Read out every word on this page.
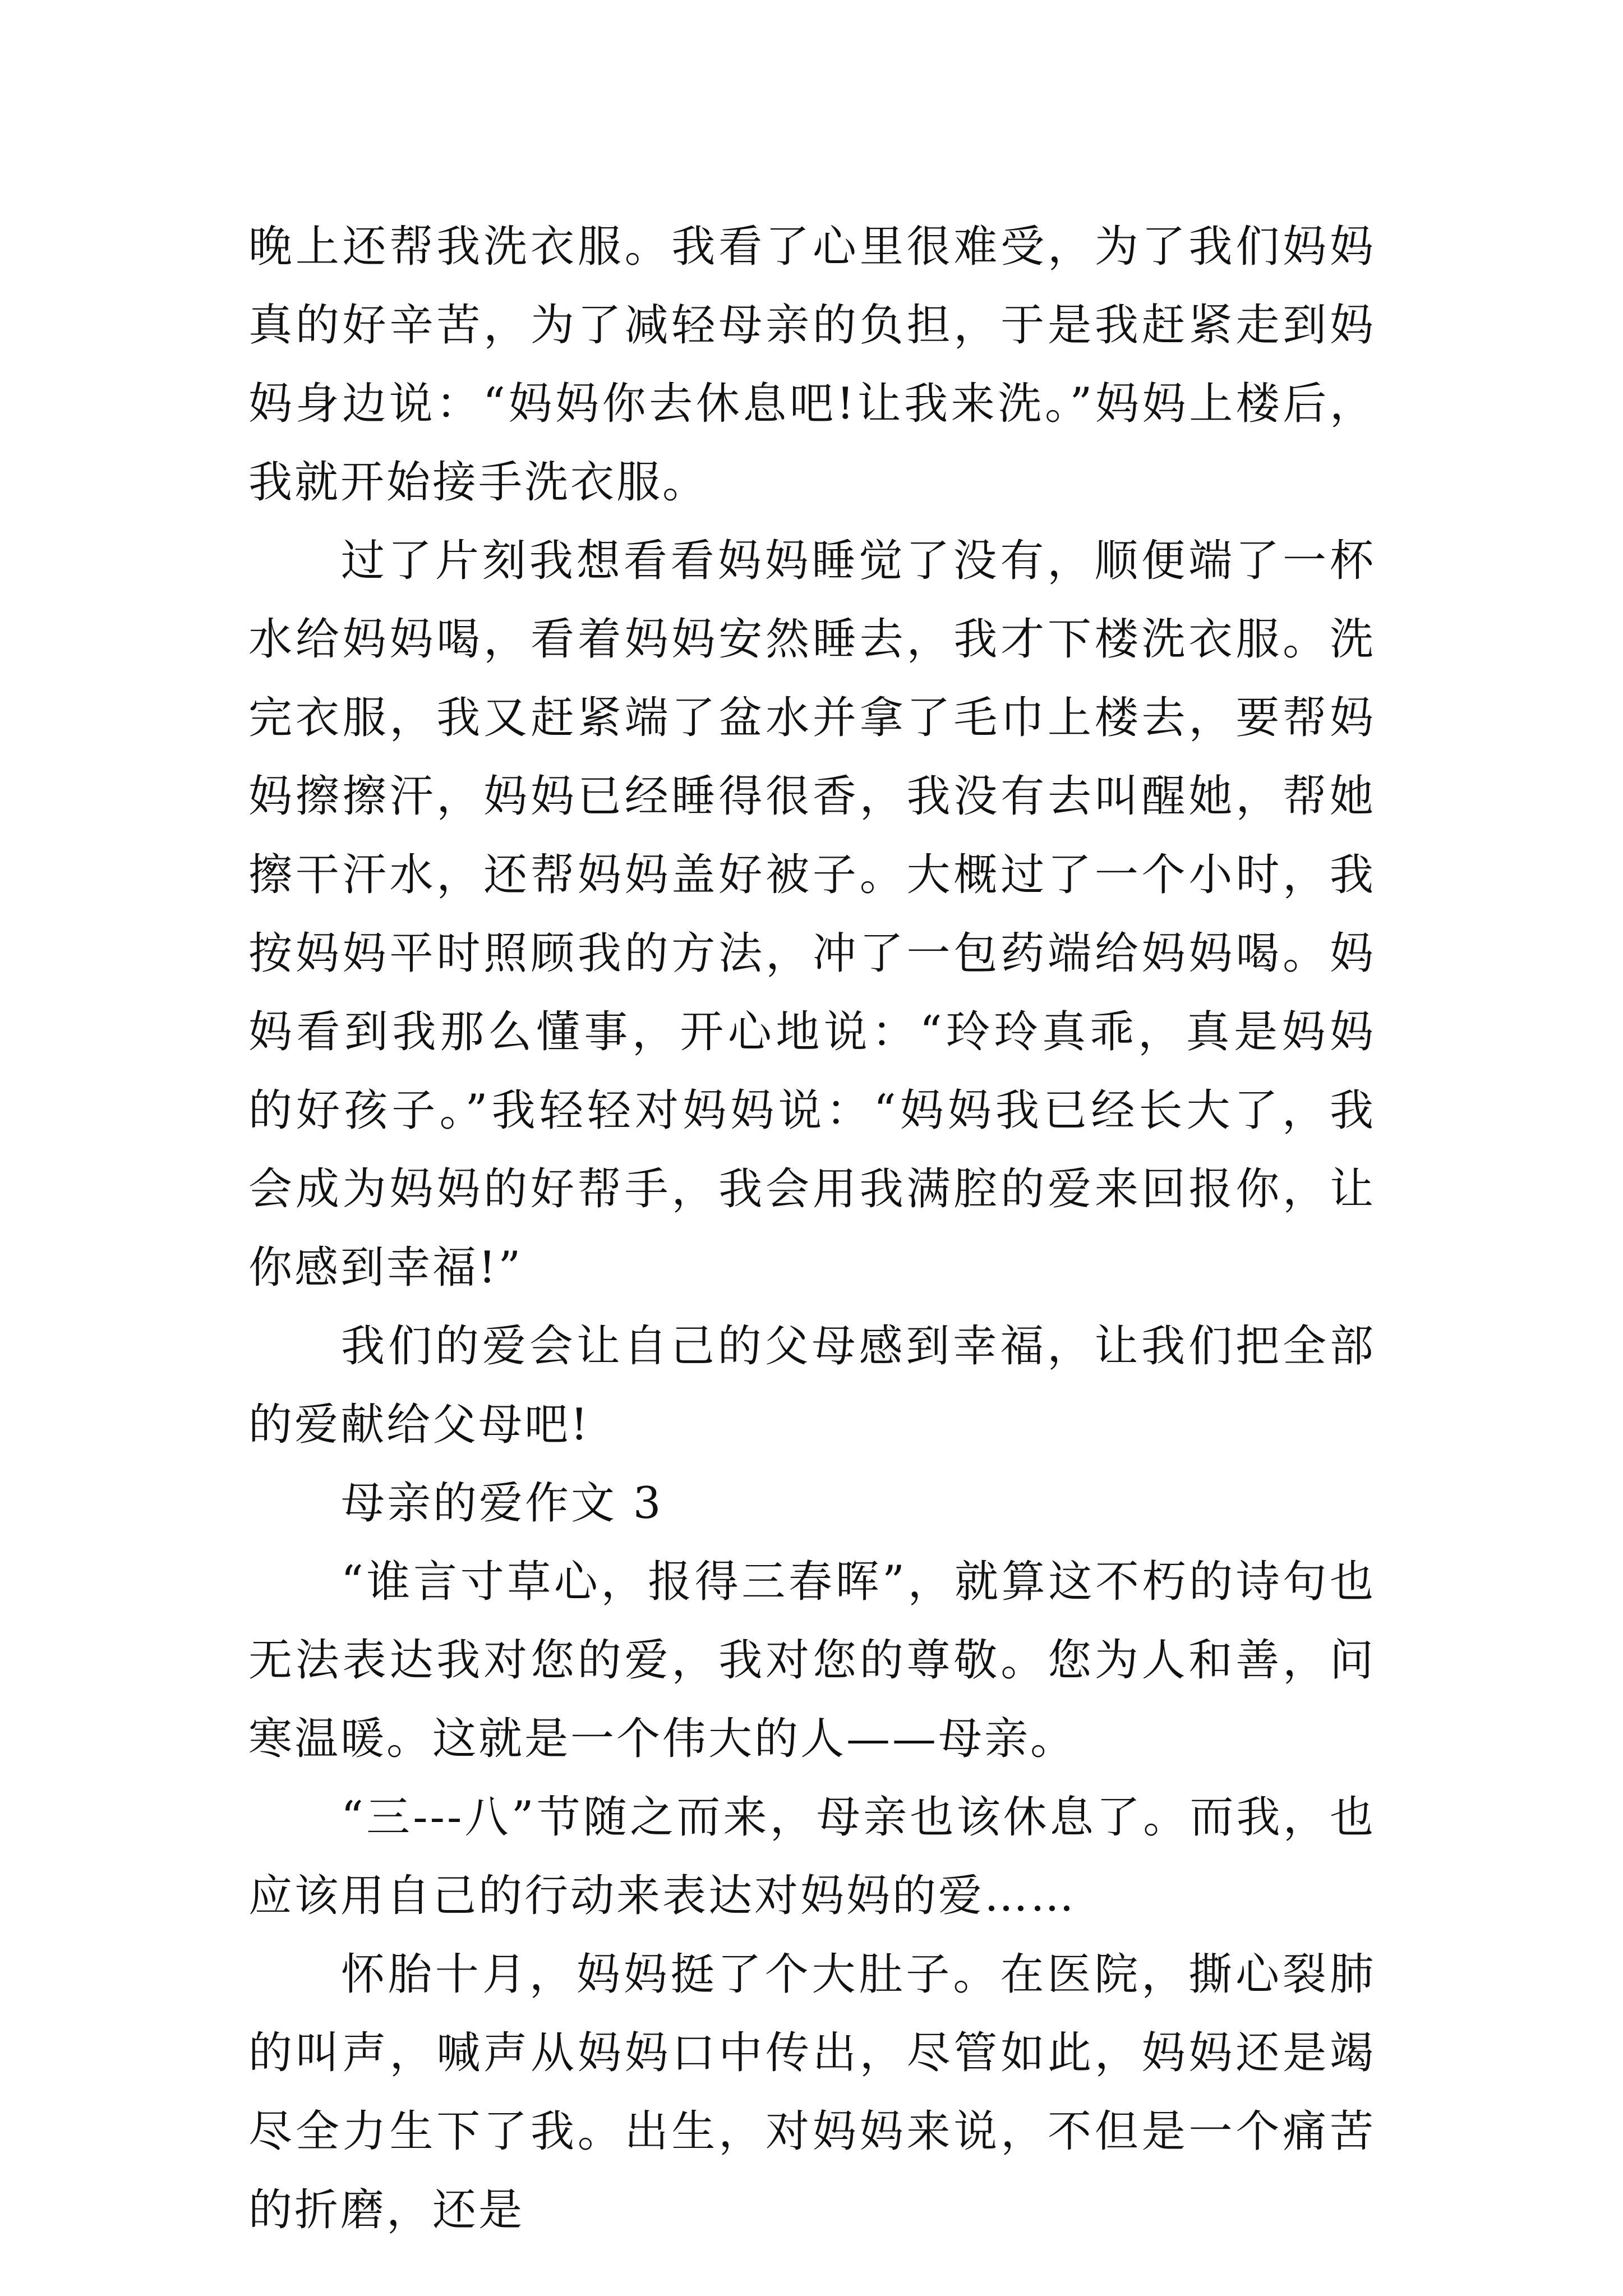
晚上还帮我洗衣服。我看了心里很难受，为了我们妈妈真的好辛苦，为了减轻母亲的负担，于是我赶紧走到妈妈身边说：“妈妈你去休息吧!让我来洗。”妈妈上楼后，我就开始接手洗衣服。

过了片刻我想看看妈妈睡觉了没有，顺便端了一杯水给妈妈喝，看着妈妈安然睡去，我才下楼洗衣服。洗完衣服，我又赶紧端了盆水并拿了毛巾上楼去，要帮妈妈擦擦汗，妈妈已经睡得很香，我没有去叫醒她，帮她擦干汗水，还帮妈妈盖好被子。大概过了一个小时，我按妈妈平时照顾我的方法，冲了一包药端给妈妈喝。妈妈看到我那么懂事，开心地说：“玲玲真乖，真是妈妈的好孩子。”我轻轻对妈妈说：“妈妈我已经长大了，我会成为妈妈的好帮手，我会用我满腔的爱来回报你，让你感到幸福!”

我们的爱会让自己的父母感到幸福，让我们把全部的爱献给父母吧!

母亲的爱作文 3

“谁言寸草心，报得三春晖”，就算这不朽的诗句也无法表达我对您的爱，我对您的尊敬。您为人和善，问寒温暖。这就是一个伟大的人——母亲。

“三---八”节随之而来，母亲也该休息了。而我，也应该用自己的行动来表达对妈妈的爱……

怀胎十月，妈妈挺了个大肚子。在医院，撕心裂肺的叫声，喊声从妈妈口中传出，尽管如此，妈妈还是竭尽全力生下了我。出生，对妈妈来说，不但是一个痛苦的折磨，还是
